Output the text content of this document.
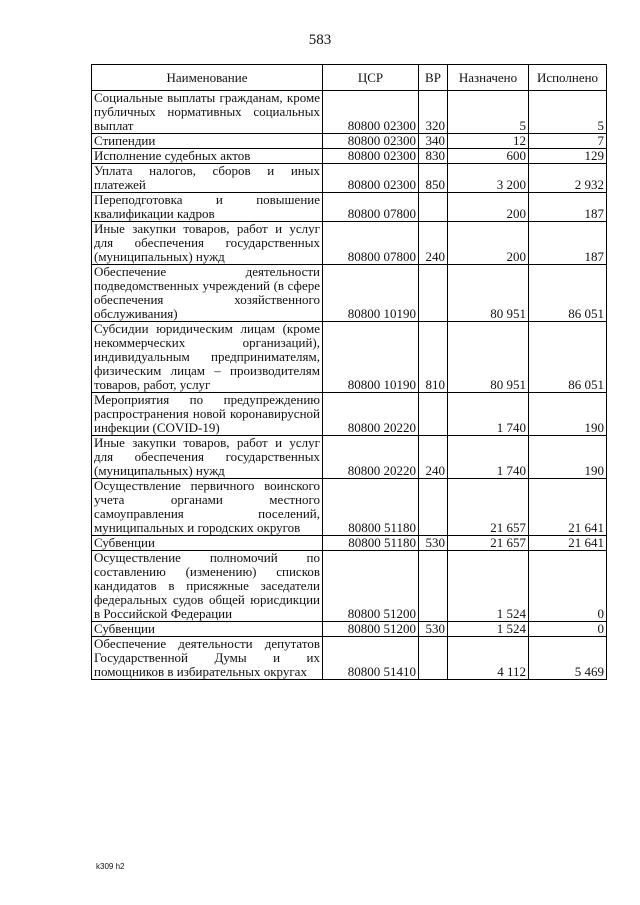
583
Наименование	ЦСР	ВР	Назначено	Исполнено
Социальные выплаты гражданам, кроме публичных нормативных социальных выплат	80800 02300	320	5	5
Стипендии	80800 02300	340	12	7
Исполнение судебных актов	80800 02300	830	600	129
Уплата налогов, сборов и иных платежей	80800 02300	850	3 200	2 932
Переподготовка и повышение квалификации кадров	80800 07800		200	187
Иные закупки товаров, работ и услуг для обеспечения государственных (муниципальных) нужд	80800 07800	240	200	187
Обеспечение деятельности подведомственных учреждений (в сфере обеспечения хозяйственного обслуживания)	80800 10190		80 951	86 051
Субсидии юридическим лицам (кроме некоммерческих организаций), индивидуальным предпринимателям, физическим лицам – производителям товаров, работ, услуг	80800 10190	810	80 951	86 051
Мероприятия по предупреждению распространения новой коронавирусной инфекции (COVID-19)	80800 20220		1 740	190
Иные закупки товаров, работ и услуг для обеспечения государственных (муниципальных) нужд	80800 20220	240	1 740	190
Осуществление первичного воинского учета органами местного самоуправления поселений, муниципальных и городских округов	80800 51180		21 657	21 641
Субвенции	80800 51180	530	21 657	21 641
Осуществление полномочий по составлению (изменению) списков кандидатов в присяжные заседатели федеральных судов общей юрисдикции в Российской Федерации	80800 51200		1 524	0
Субвенции	80800 51200	530	1 524	0
Обеспечение деятельности депутатов Государственной Думы и их помощников в избирательных округах	80800 51410		4 112	5 469
k309 h2
